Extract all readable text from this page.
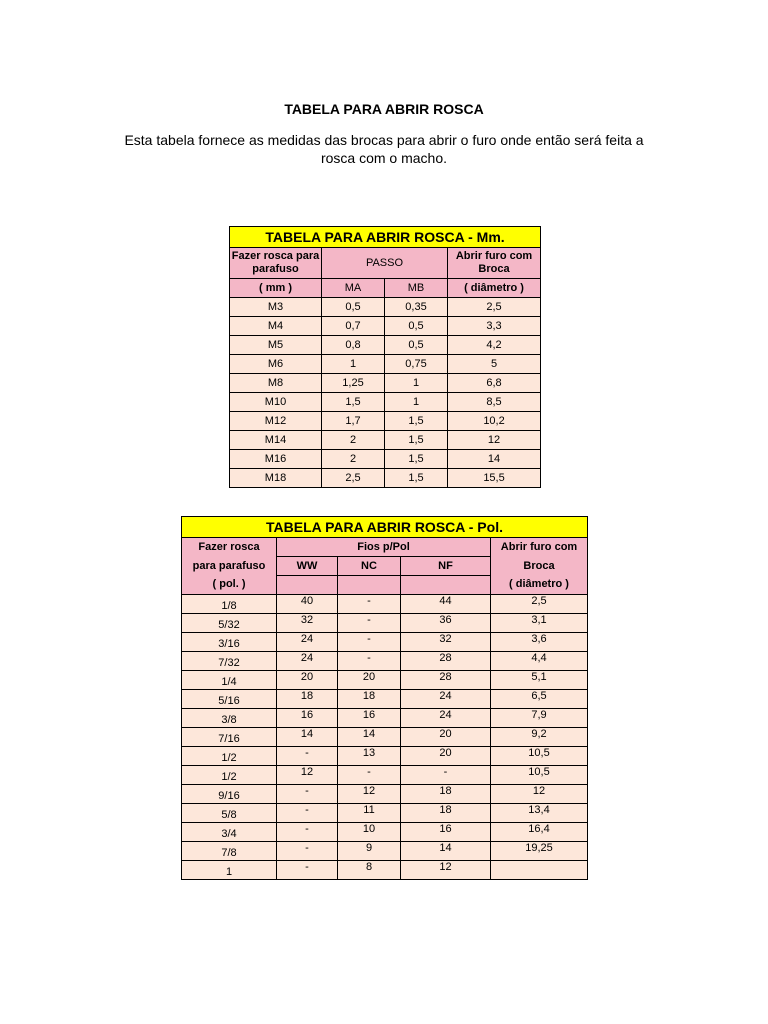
TABELA PARA ABRIR ROSCA
Esta tabela fornece as medidas das brocas para abrir o furo onde então será feita a
rosca com o macho.
TABELA PARA ABRIR ROSCA - Mm.			
Fazer rosca para parafuso	PASSO		Abrir furo com Broca
( mm )	MA	MB	( diâmetro )
M3	0,5	0,35	2,5
M4	0,7	0,5	3,3
M5	0,8	0,5	4,2
M6	1	0,75	5
M8	1,25	1	6,8
M10	1,5	1	8,5
M12	1,7	1,5	10,2
M14	2	1,5	12
M16	2	1,5	14
M18	2,5	1,5	15,5
TABELA PARA ABRIR ROSCA - Pol.				
Fazer rosca	Fios p/Pol			Abrir furo com
para parafuso	WW	NC	NF	Broca
( pol. )				( diâmetro )
1/8	40	-	44	2,5
5/32	32	-	36	3,1
3/16	24	-	32	3,6
7/32	24	-	28	4,4
1/4	20	20	28	5,1
5/16	18	18	24	6,5
3/8	16	16	24	7,9
7/16	14	14	20	9,2
1/2	-	13	20	10,5
1/2	12	-	-	10,5
9/16	-	12	18	12
5/8	-	11	18	13,4
3/4	-	10	16	16,4
7/8	-	9	14	19,25
1	-	8	12	
